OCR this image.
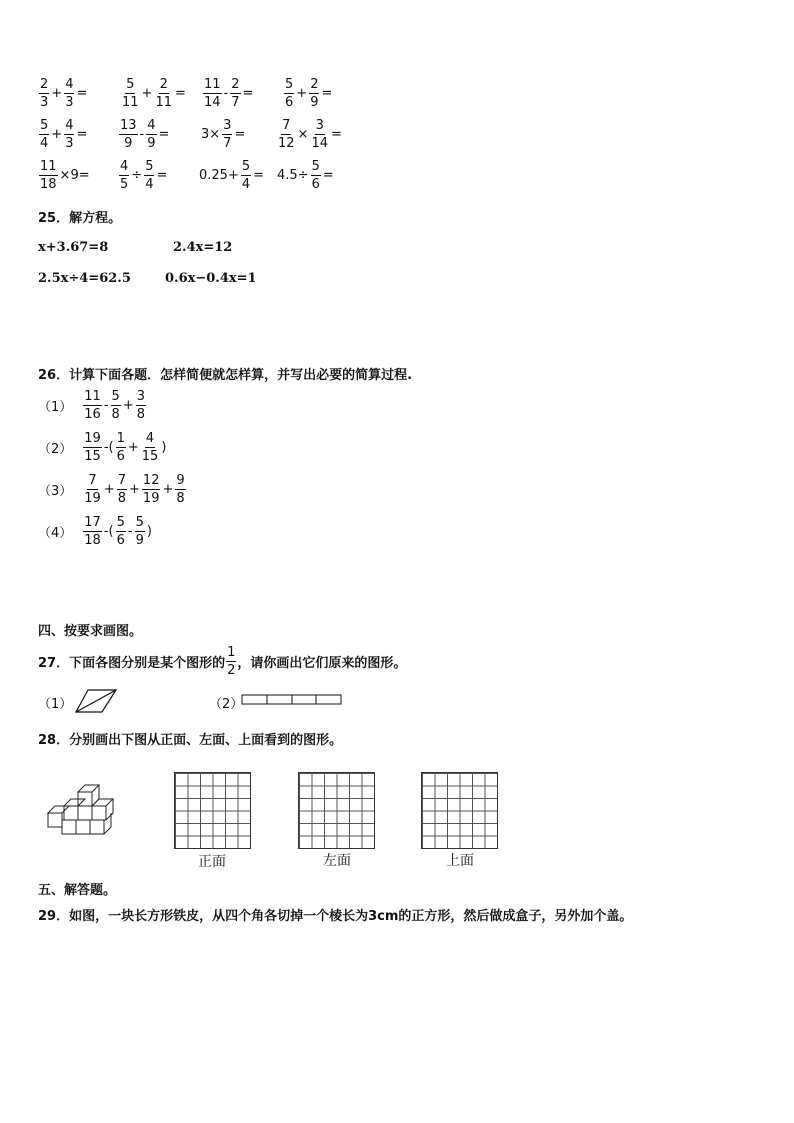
$\frac{2}{3} + \frac{4}{3}$ =	$\frac{5}{11} + \frac{2}{11} = \frac{11}{14} - \frac{2}{7} = \frac{5}{6} + \frac{2}{9}$ =
$\frac{5}{4} + \frac{4}{3} = \frac{13}{9} - \frac{4}{9} = 3\times \frac{3}{7} = \frac{7}{12} \times \frac{3}{14}$ =
$\frac{11}{18} \times 9= \frac{4}{5} \div \frac{5}{4} = 0.25+ \frac{5}{4} = 4.5\div \frac{5}{6}$ =
25．解方程。
x+3.67=8	2.4x=12
2.5x÷4=62.5	0.6x−0.4x=1
26．计算下面各题．怎样简便就怎样算，并写出必要的简算过程.
$(1) \frac{11}{16} - \frac{5}{8} + \frac{3}{8}$
$(2) \frac{19}{15}$ -( $\frac{1}{6} + \frac{4}{15}$ )
$(3) \frac{7}{19} + \frac{7}{8} + \frac{12}{19} + \frac{9}{8}$
$(4) \frac{17}{18}$ -( $\frac{5}{6} - \frac{5}{9}$ )
四、按要求画图。
27．下面各图分别是某个图形的 $\frac{1}{2}$ ，请你画出它们原来的图形。
（1）	（2）
28．分别画出下图从正面、左面、上面看到的图形。
正面	左面	上面
五、解答题。
29．如图，一块长方形铁皮，从四个角各切掉一个棱长为3cm的正方形，然后做成盒子，另外加个盖。
